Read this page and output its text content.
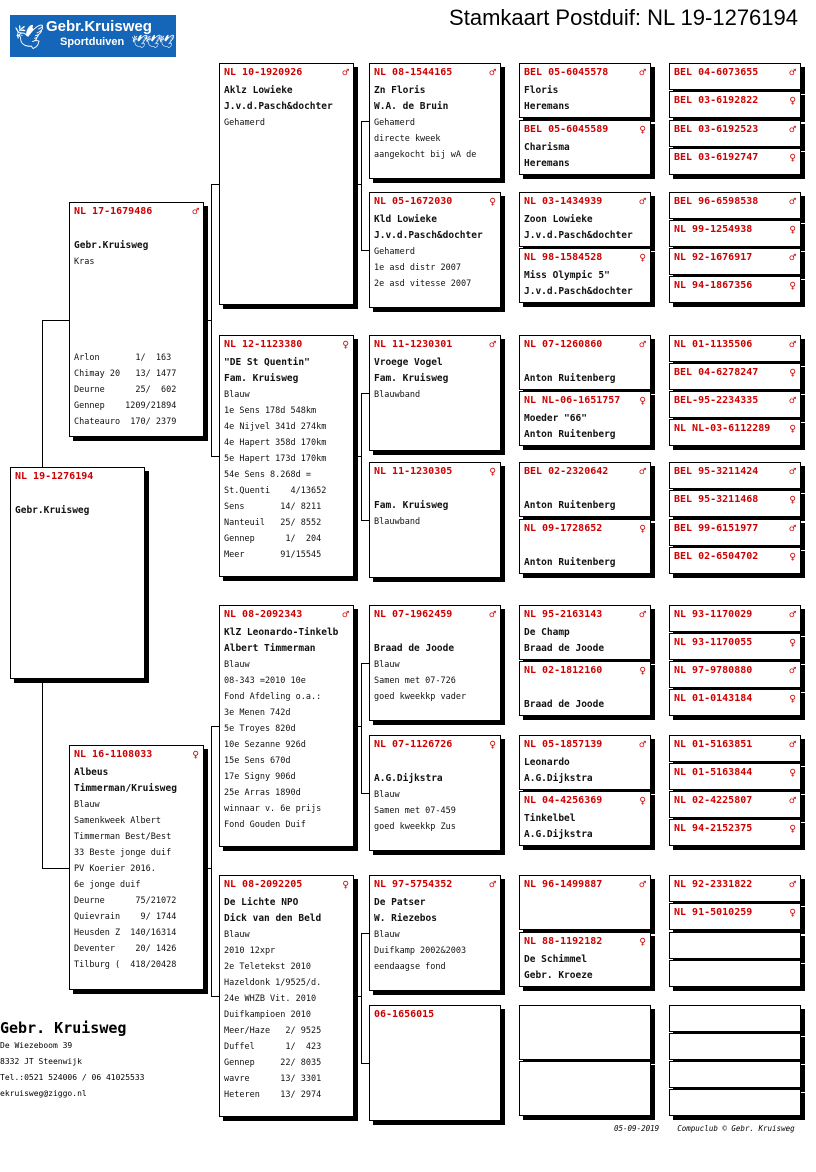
🕊 Gebr.Kruisweg
Sportduiven 🕊🕊🕊
Stamkaart Postduif: NL 19-1276194
NL 19-1276194
Gebr.Kruisweg
NL 17-1679486	♂
Gebr.Kruisweg
Kras
Arlon       1/  163
Chimay 20   13/ 1477
Deurne      25/  602
Gennep    1209/21894
Chateauro  170/ 2379
NL 16-1108033	♀
Albeus
Timmerman/Kruisweg
Blauw
Samenkweek Albert
Timmerman Best/Best
33 Beste jonge duif
PV Koerier 2016.
6e jonge duif
Deurne      75/21072
Quievrain    9/ 1744
Heusden Z  140/16314
Deventer    20/ 1426
Tilburg (  418/20428
NL 10-1920926	♂
Aklz Lowieke
J.v.d.Pasch&dochter
Gehamerd
NL 12-1123380	♀
"DE St Quentin"
Fam. Kruisweg
Blauw
1e Sens 178d 548km
4e Nijvel 341d 274km
4e Hapert 358d 170km
5e Hapert 173d 170km
54e Sens 8.268d =
St.Quenti    4/13652
Sens       14/ 8211
Nanteuil   25/ 8552
Gennep      1/  204
Meer       91/15545
NL 08-2092343	♂
KlZ Leonardo-Tinkelb
Albert Timmerman
Blauw
08-343 =2010 10e
Fond Afdeling o.a.:
3e Menen 742d
5e Troyes 820d
10e Sezanne 926d
15e Sens 670d
17e Signy 906d
25e Arras 1890d
winnaar v. 6e prijs
Fond Gouden Duif
NL 08-2092205	♀
De Lichte NPO
Dick van den Beld
Blauw
2010 12xpr
2e Teletekst 2010
Hazeldonk 1/9525/d.
24e WHZB Vit. 2010
Duifkampioen 2010
Meer/Haze   2/ 9525
Duffel      1/  423
Gennep     22/ 8035
wavre      13/ 3301
Heteren    13/ 2974
NL 08-1544165	♂
Zn Floris
W.A. de Bruin
Gehamerd
directe kweek
aangekocht bij wA de
NL 05-1672030	♀
Kld Lowieke
J.v.d.Pasch&dochter
Gehamerd
1e asd distr 2007
2e asd vitesse 2007
NL 11-1230301	♂
Vroege Vogel
Fam. Kruisweg
Blauwband
NL 11-1230305	♀
Fam. Kruisweg
Blauwband
NL 07-1962459	♂
Braad de Joode
Blauw
Samen met 07-726
goed kweekkp vader
NL 07-1126726	♀
A.G.Dijkstra
Blauw
Samen met 07-459
goed kweekkp Zus
NL 97-5754352	♂
De Patser
W. Riezebos
Blauw
Duifkamp 2002&2003
eendaagse fond
06-1656015
BEL 05-6045578	♂
Floris
Heremans
BEL 05-6045589	♀
Charisma
Heremans
NL 03-1434939	♂
Zoon Lowieke
J.v.d.Pasch&dochter
NL 98-1584528	♀
Miss Olympic 5"
J.v.d.Pasch&dochter
NL 07-1260860	♂
Anton Ruitenberg
NL NL-06-1651757 ♀
Moeder "66"
Anton Ruitenberg
BEL 02-2320642	♂
Anton Ruitenberg
NL 09-1728652	♀
Anton Ruitenberg
NL 95-2163143	♂
De Champ
Braad de Joode
NL 02-1812160	♀
Braad de Joode
NL 05-1857139	♂
Leonardo
A.G.Dijkstra
NL 04-4256369	♀
Tinkelbel
A.G.Dijkstra
NL 96-1499887	♂
NL 88-1192182	♀
De Schimmel
Gebr. Kroeze
BEL 04-6073655	♂
BEL 03-6192822	♀
BEL 03-6192523	♂
BEL 03-6192747	♀
BEL 96-6598538	♂
NL 99-1254938	♀
NL 92-1676917	♂
NL 94-1867356	♀
NL 01-1135506	♂
BEL 04-6278247	♀
BEL-95-2234335	♂
NL NL-03-6112289 ♀
BEL 95-3211424	♂
BEL 95-3211468	♀
BEL 99-6151977	♂
BEL 02-6504702	♀
NL 93-1170029	♂
NL 93-1170055	♀
NL 97-9780880	♂
NL 01-0143184	♀
NL 01-5163851	♂
NL 01-5163844	♀
NL 02-4225807	♂
NL 94-2152375	♀
NL 92-2331822	♂
NL 91-5010259	♀
Gebr. Kruisweg
De Wiezeboom 39
8332 JT Steenwijk
Tel.:0521 524006 / 06 41025533
ekruisweg@ziggo.nl
05-09-2019 Compuclub © Gebr. Kruisweg
